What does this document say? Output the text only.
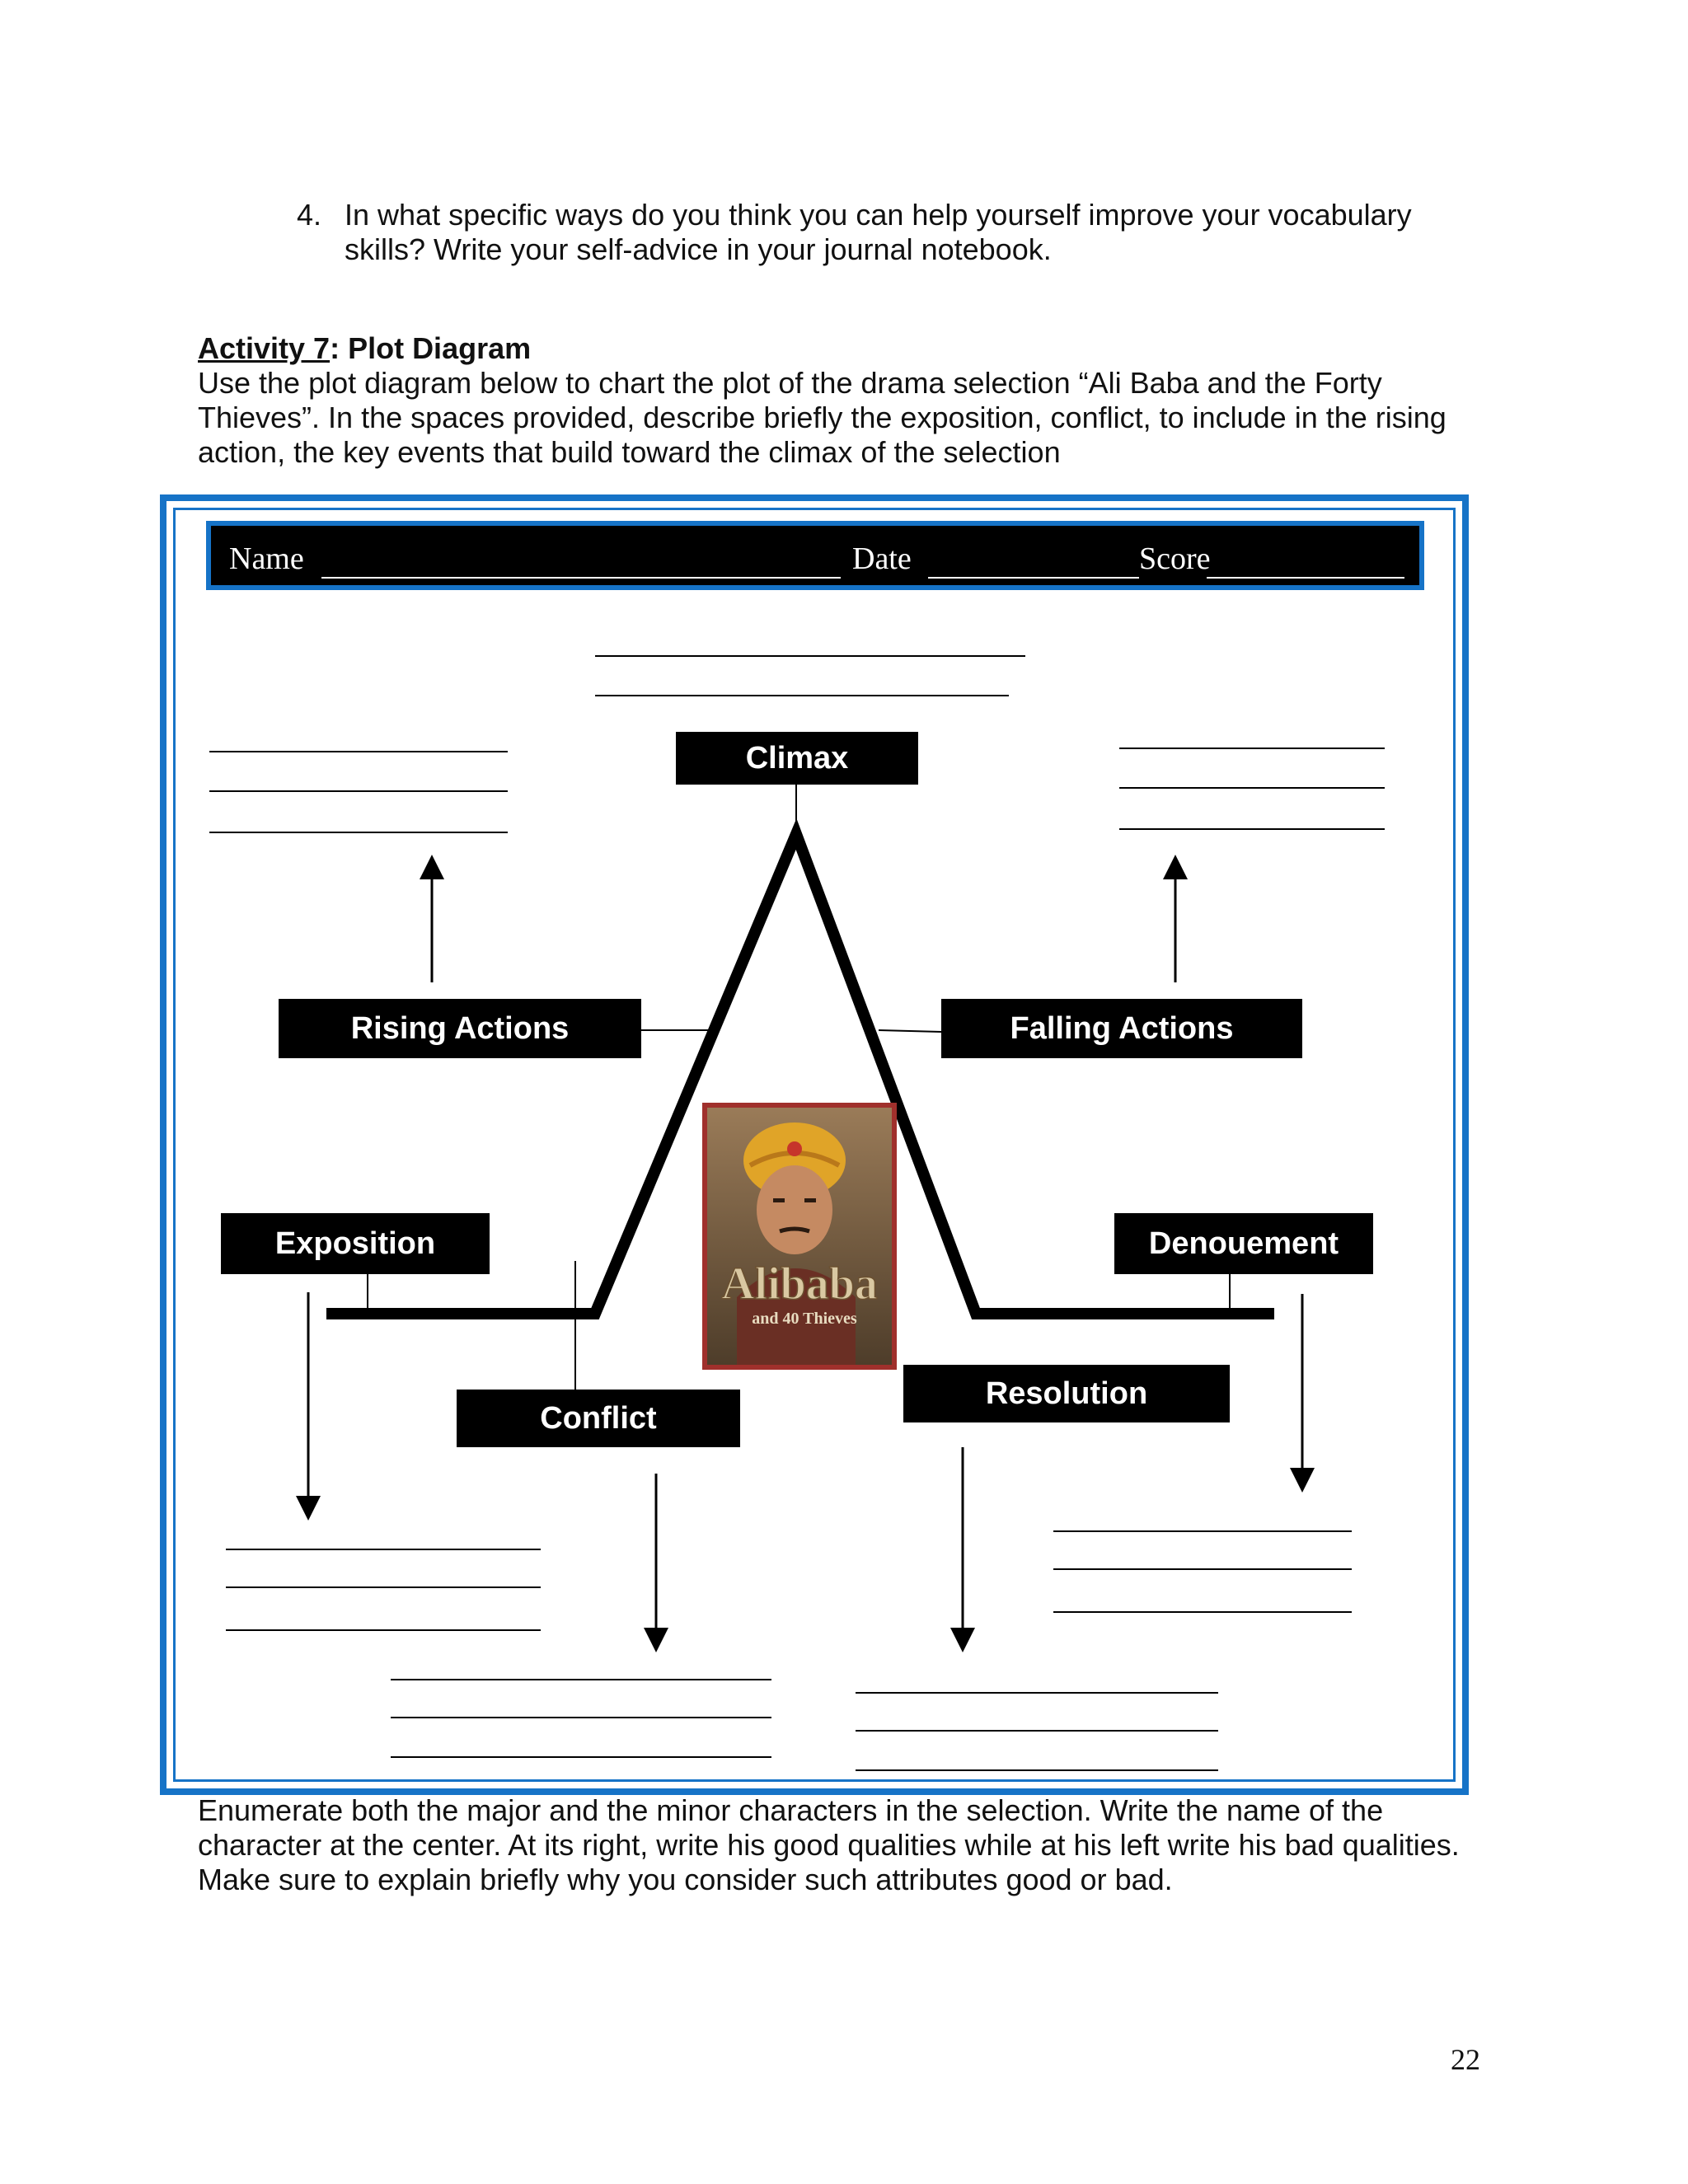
4. In what specific ways do you think you can help yourself improve your vocabulary skills? Write your self-advice in your journal notebook.
Activity 7: Plot Diagram
Use the plot diagram below to chart the plot of the drama selection “Ali Baba and the Forty Thieves”. In the spaces provided, describe briefly the exposition, conflict, to include in the rising action, the key events that build toward the climax of the selection
Name	Date	Score
Climax
Rising Actions	Falling Actions
Exposition	Denouement
Conflict
Resolution
Alibaba
and 40 Thieves
Enumerate both the major and the minor characters in the selection. Write the name of the character at the center. At its right, write his good qualities while at his left write his bad qualities. Make sure to explain briefly why you consider such attributes good or bad.
22
